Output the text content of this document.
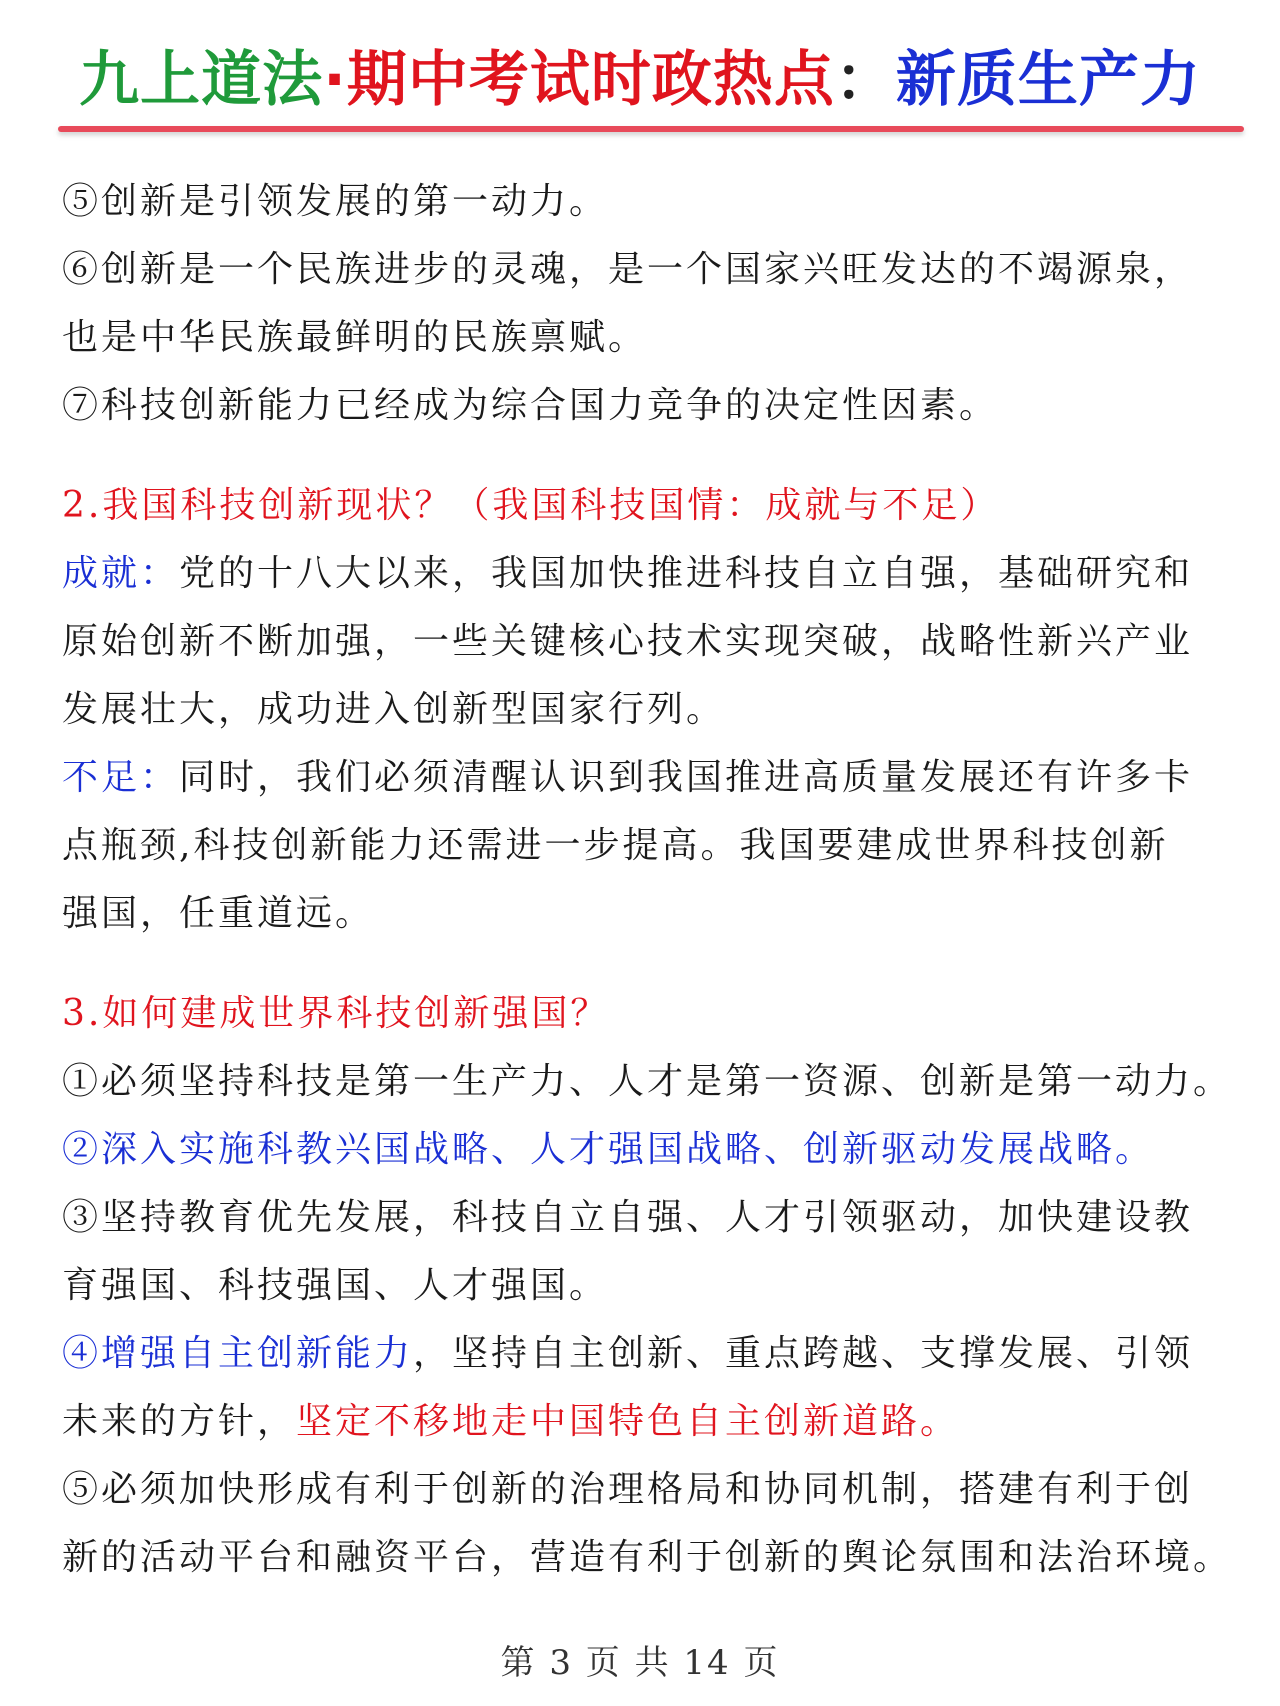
九上道法·期中考试时政热点：新质生产力
⑤创新是引领发展的第一动力。
⑥创新是一个民族进步的灵魂，是一个国家兴旺发达的不竭源泉，
也是中华民族最鲜明的民族禀赋。
⑦科技创新能力已经成为综合国力竞争的决定性因素。
2.我国科技创新现状？（我国科技国情：成就与不足）
成就：党的十八大以来，我国加快推进科技自立自强，基础研究和
原始创新不断加强，一些关键核心技术实现突破，战略性新兴产业
发展壮大，成功进入创新型国家行列。
不足：同时，我们必须清醒认识到我国推进高质量发展还有许多卡
点瓶颈,科技创新能力还需进一步提高。我国要建成世界科技创新
强国，任重道远。
3.如何建成世界科技创新强国？
①必须坚持科技是第一生产力、人才是第一资源、创新是第一动力。
②深入实施科教兴国战略、人才强国战略、创新驱动发展战略。
③坚持教育优先发展，科技自立自强、人才引领驱动，加快建设教
育强国、科技强国、人才强国。
④增强自主创新能力，坚持自主创新、重点跨越、支撑发展、引领
未来的方针，坚定不移地走中国特色自主创新道路。
⑤必须加快形成有利于创新的治理格局和协同机制，搭建有利于创
新的活动平台和融资平台，营造有利于创新的舆论氛围和法治环境。
第 3 页 共 14 页
